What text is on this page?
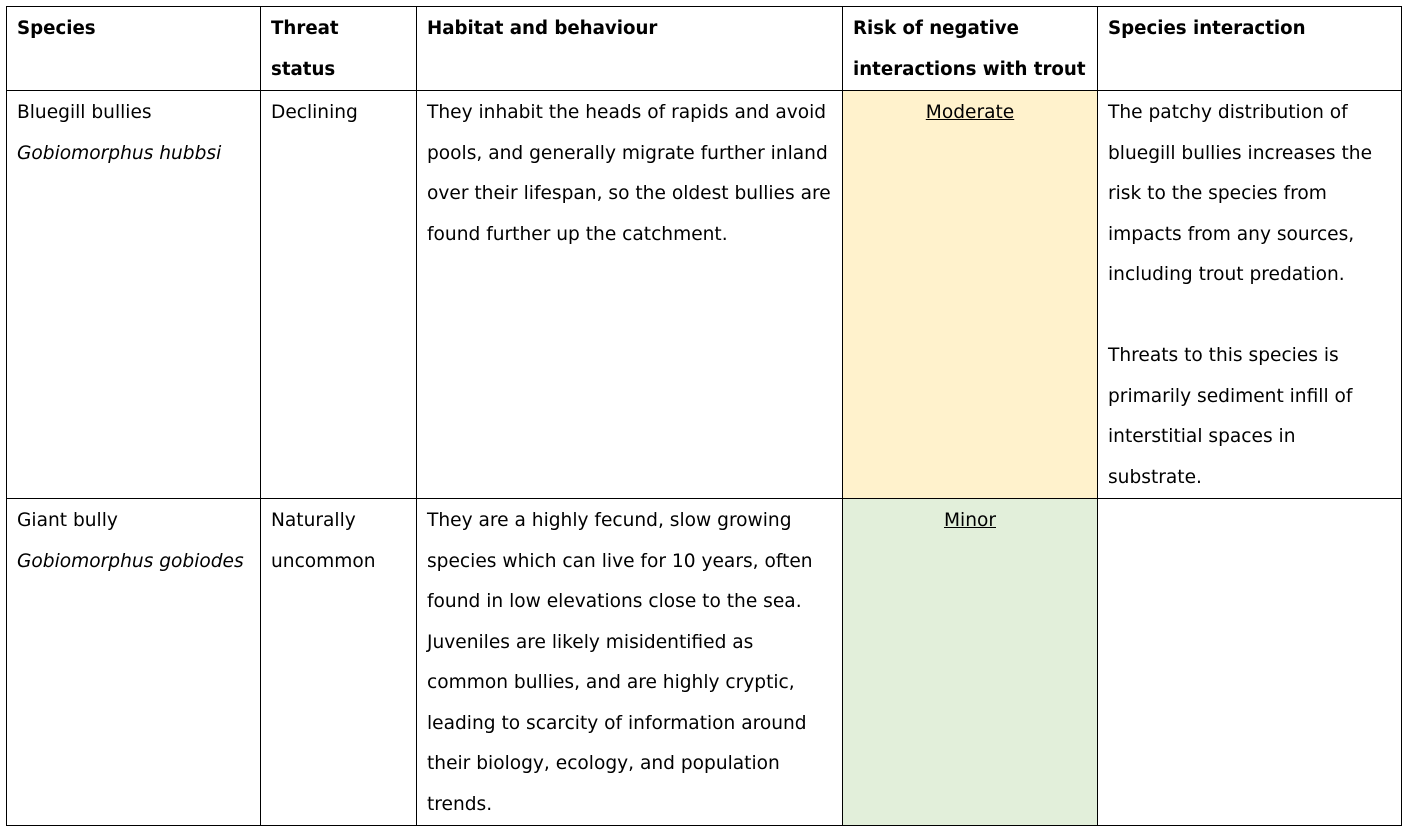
Species	Threat status	Habitat and behaviour	Risk of negative interactions with trout	Species interaction

Bluegill bullies
Gobiomorphus hubbsi	Declining	They inhabit the heads of rapids and avoid pools, and generally migrate further inland over their lifespan, so the oldest bullies are found further up the catchment.	Moderate	The patchy distribution of bluegill bullies increases the risk to the species from impacts from any sources, including trout predation.
Threats to this species is primarily sediment infill of interstitial spaces in substrate.

Giant bully
Gobiomorphus gobiodes	Naturally uncommon	They are a highly fecund, slow growing species which can live for 10 years, often found in low elevations close to the sea. Juveniles are likely misidentified as common bullies, and are highly cryptic, leading to scarcity of information around their biology, ecology, and population trends.	Minor	
